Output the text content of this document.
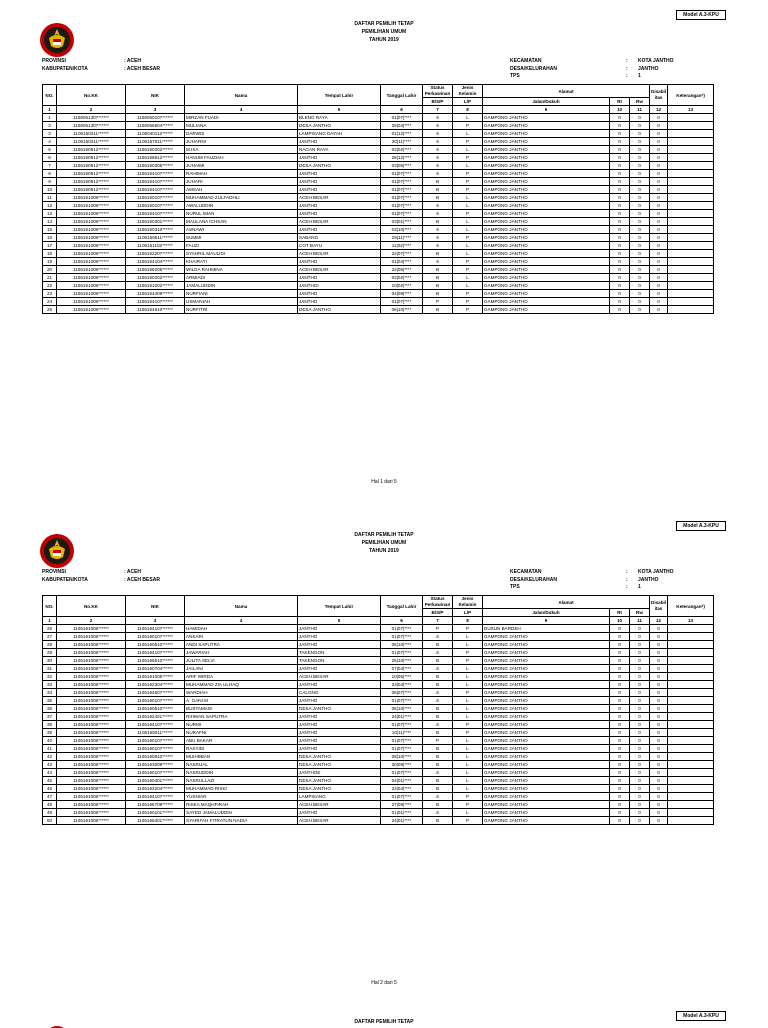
Model A.3-KPU
DAFTAR PEMILIH TETAP
PEMILIHAN UMUM
TAHUN 2019
PROVINSI	: ACEH
KABUPATEN/KOTA	: ACEH BESAR
KECAMATAN	:	KOTA JANTHO
DESA/KELURAHAN	:	JANTHO
TPS	:	1
NO.	No.KK	NIK	Nama	Tempat Lahir	Tanggal Lahir	Status Perkawinan	Jenis Kelamin	Alamat			Disabil itas	Keterangan*)
						B/S/P	L/P	Jalan/Dukuh	Rt	Rw		
1	2	3	4	5	6	7	8	9	10	11	12	13
1	1106051307******	1106050107******	MIRZAN FUADI	BLENG RAYA	01|07|****	S	L	GAMPONG JANTHO	0	0	0	
2	1106051307******	1106056604******	MULIANA	DESA JANTHO	26|04|****	S	P	GAMPONG JANTHO	0	0	0	
3	1106150411******	1106040112******	DARWIS	LAMPISANG DAYAH	01|12|****	S	L	GAMPONG JANTHO	0	0	0	
4	1106150411******	1106157011******	JUHARNI	JANTHO	30|11|****	S	P	GAMPONG JANTHO	0	0	0	
5	1106150912******	1106150202******	M.ISA	NAGAN RAYA	02|02|****	S	L	GAMPONG JANTHO	0	0	0	
6	1106150912******	1106156812******	HANUM FAUZIAH	JANTHO	28|12|****	S	P	GAMPONG JANTHO	0	0	0	
7	1106150912******	1106150305******	JUHAIMI	DESA JANTHO	03|05|****	S	L	GAMPONG JANTHO	0	0	0	
8	1106150912******	1106154107******	RAHIMAH	JANTHO	01|07|****	S	P	GAMPONG JANTHO	0	0	0	
9	1106150912******	1106154107******	JUHARI	JANTHO	01|07|****	B	P	GAMPONG JANTHO	0	0	0	
10	1106150912******	1106154107******	AMSAH	JANTHO	01|07|****	B	P	GAMPONG JANTHO	0	0	0	
11	1106151006******	1106150107******	MUHAMMAD ZULFADHLI	ACEH BESAR	01|07|****	B	L	GAMPONG JANTHO	0	0	0	
12	1106151006******	1106150107******	AWALUDDIN	JANTHO	01|07|****	S	L	GAMPONG JANTHO	0	0	0	
13	1106151006******	1106154107******	NURUL IMAN	JANTHO	01|07|****	S	P	GAMPONG JANTHO	0	0	0	
14	1106151006******	1106150301******	MAULANA ICHSAN	ACEH BESAR	03|01|****	B	L	GAMPONG JANTHO	0	0	0	
15	1106151006******	1106150310******	ASNAWI	JANTHO	03|10|****	S	L	GAMPONG JANTHO	0	0	0	
16	1106151006******	1106156511******	SUMMI	SABANG	25|11|****	S	P	GAMPONG JANTHO	0	0	0	
17	1106151006******	1106151102******	FAUZI	COT BAYU	11|02|****	S	L	GAMPONG JANTHO	0	0	0	
18	1106151006******	1106152207******	SYAHRIL MAULIDI	ACEH BESAR	22|07|****	B	L	GAMPONG JANTHO	0	0	0	
19	1106151006******	1106154104******	KHAIRATI	JANTHO	01|04|****	S	P	GAMPONG JANTHO	0	0	0	
20	1106151006******	1106156205******	WILDA RAHMINA	ACEH BESAR	22|05|****	B	P	GAMPONG JANTHO	0	0	0	
21	1106151006******	1106150202******	ARMIADI	JANTHO	02|02|****	B	L	GAMPONG JANTHO	0	0	0	
22	1106151006******	1106151002******	JAMALUDDIN	JANTHOI	10|02|****	B	L	GAMPONG JANTHO	0	0	0	
23	1106151006******	1106154409******	NURFIANI	JANTHO	04|09|****	B	P	GAMPONG JANTHO	0	0	0	
24	1106151006******	1106154107******	USMANIAH	JANTHO	01|07|****	P	P	GAMPONG JANTHO	0	0	0	
25	1106151006******	1106154610******	NURFITRI	DESA JANTHO	06|10|****	B	P	GAMPONG JANTHO	0	0	0	
Hal 1 dari 5
Model A.3-KPU
DAFTAR PEMILIH TETAP
PEMILIHAN UMUM
TAHUN 2019
PROVINSI	: ACEH
KABUPATEN/KOTA	: ACEH BESAR
KECAMATAN	:	KOTA JANTHO
DESA/KELURAHAN	:	JANTHO
TPS	:	1
NO.	No.KK	NIK	Nama	Tempat Lahir	Tanggal Lahir	Status Perkawinan	Jenis Kelamin	Alamat			Disabil itas	Keterangan*)
						B/S/P	L/P	Jalan/Dukuh	Rt	Rw		
1	2	3	4	5	6	7	8	9	10	11	12	13
26	1106151006******	1106154107******	HAMIDAH	JANTHO	01|07|****	P	P	DUSUN BARDEH	0	0	0	
27	1106151006******	1106150107******	ANSARI	JANTHO	01|07|****	S	L	GAMPONG JANTHO	0	0	0	
28	1106151006******	1106150510******	ANDI SAPUTRA	JANTHO	05|10|****	B	L	GAMPONG JANTHO	0	0	0	
29	1106151006******	1106154107******	JAWARIAH	TAKENGON	01|07|****	S	P	GAMPONG JANTHO	0	0	0	
30	1106151006******	1106156510******	JULITA SELVI	TAKENGON	25|10|****	B	P	GAMPONG JANTHO	0	0	0	
31	1106151006******	1106150704******	JAILANI	JANTHO	07|04|****	S	L	GAMPONG JANTHO	0	0	0	
32	1106151006******	1106151005******	ARIF WIRDA	ACEH BESAR	10|05|****	B	L	GAMPONG JANTHO	0	0	0	
33	1106151006******	1106152304******	MUHAMMAD ZIA ULHAQ	JANTHO	23|04|****	B	L	GAMPONG JANTHO	0	0	0	
34	1106151006******	1106154607******	WARDIAH	CALONG	06|07|****	S	P	GAMPONG JANTHO	0	0	0	
35	1106151006******	1106150107******	A. GANI.M	JANTHO	01|07|****	S	L	GAMPONG JANTHO	0	0	0	
36	1106151006******	1106150510******	BUSTAMAM	DESA JANTHO	05|10|****	B	L	GAMPONG JANTHO	0	0	0	
37	1106151006******	1106152401******	RIHWAN SAPUTRA	JANTHO	24|01|****	B	L	GAMPONG JANTHO	0	0	0	
38	1106151006******	1106154107******	NURMI	JANTHO	01|07|****	S	P	GAMPONG JANTHO	0	0	0	
39	1106151006******	1106155011******	NURAFNI	JANTHO	10|11|****	B	P	GAMPONG JANTHO	0	0	0	
40	1106151006******	1106150107******	ABU BAKAR	JANTHO	01|07|****	P	L	GAMPONG JANTHO	0	0	0	
41	1106151006******	1106150107******	RASYIDI	JANTHO	01|07|****	B	L	GAMPONG JANTHO	0	0	0	
42	1106151006******	1106150910******	MUHIBBAN	DESA JANTHO	09|10|****	B	L	GAMPONG JANTHO	0	0	0	
43	1106151006******	1106153009******	NASRIJAL	DESA JANTHO	30|09|****	B	L	GAMPONG JANTHO	0	0	0	
44	1106151006******	1106150107******	NASRUDDIN	JANTHOE	01|07|****	S	L	GAMPONG JANTHO	0	0	0	
45	1106151006******	1106150401******	NASRULLAZI	DESA JANTHO	04|01|****	B	L	GAMPONG JANTHO	0	0	0	
46	1106151006******	1106152204******	MUHAMMAD RISKI	DESA JANTHO	22|04|****	B	L	GAMPONG JANTHO	0	0	0	
47	1106151006******	1106154107******	YUSNIAR	LAMPISANG	01|07|****	S	P	GAMPONG JANTHO	0	0	0	
48	1106151006******	1106156709******	RISKA MAQHFIRAH	ACEH BESAR	27|09|****	B	P	GAMPONG JANTHO	0	0	0	
49	1106151006******	1106150101******	SAYED JAMALUDDIN	JANTHO	01|01|****	S	L	GAMPONG JANTHO	0	0	0	
50	1106151006******	1106156401******	SYARIFAH FITRATUN NADIA	ACEH BESAR	24|01|****	B	P	GAMPONG JANTHO	0	0	0	
Hal 2 dari 5
Model A.3-KPU
DAFTAR PEMILIH TETAP
